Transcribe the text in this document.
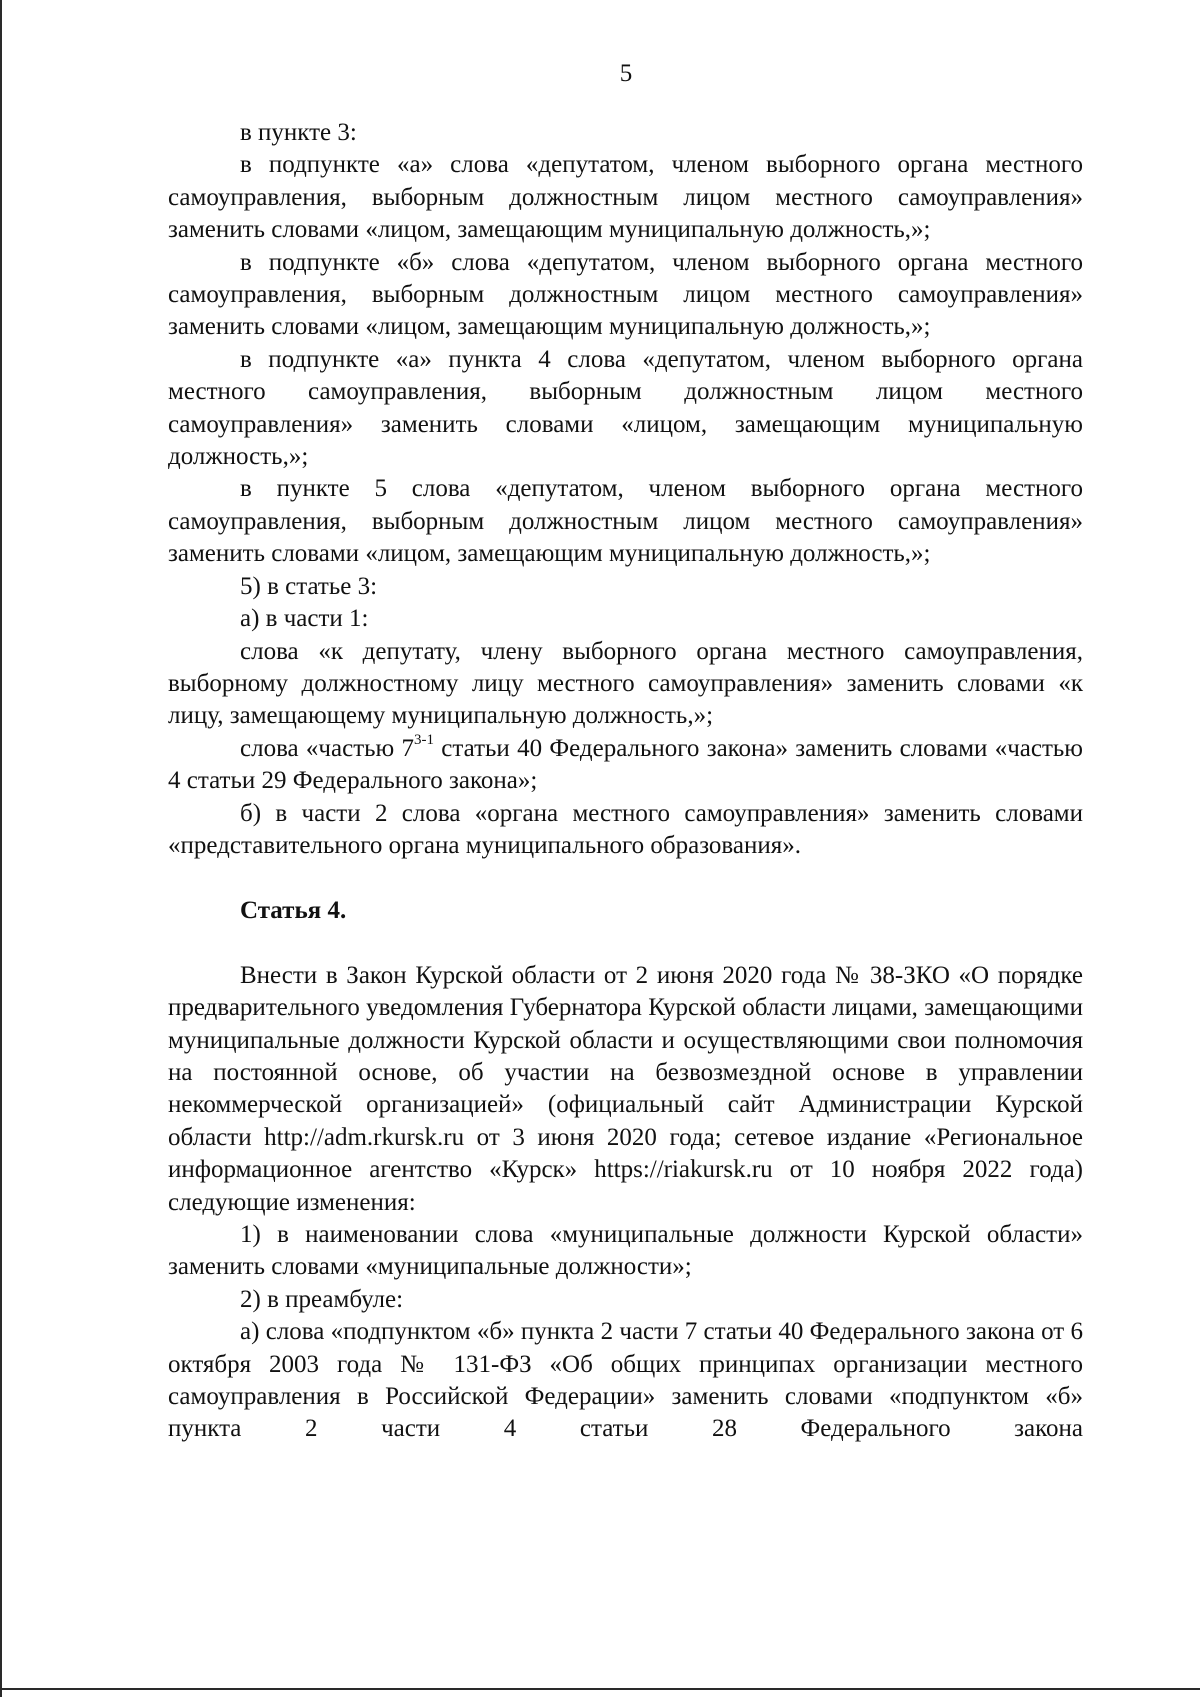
5

в пункте 3:

в подпункте «а» слова «депутатом, членом выборного органа местного самоуправления, выборным должностным лицом местного самоуправления» заменить словами «лицом, замещающим муниципальную должность,»;

в подпункте «б» слова «депутатом, членом выборного органа местного самоуправления, выборным должностным лицом местного самоуправления» заменить словами «лицом, замещающим муниципальную должность,»;

в подпункте «а» пункта 4 слова «депутатом, членом выборного органа местного самоуправления, выборным должностным лицом местного самоуправления» заменить словами «лицом, замещающим муниципальную должность,»;

в пункте 5 слова «депутатом, членом выборного органа местного самоуправления, выборным должностным лицом местного самоуправления» заменить словами «лицом, замещающим муниципальную должность,»;

5) в статье 3:

а) в части 1:

слова «к депутату, члену выборного органа местного самоуправления, выборному должностному лицу местного самоуправления» заменить словами «к лицу, замещающему муниципальную должность,»;

слова «частью 7$^{3-1}$ статьи 40 Федерального закона» заменить словами «частью 4 статьи 29 Федерального закона»;

б) в части 2 слова «органа местного самоуправления» заменить словами «представительного органа муниципального образования».

Статья 4.

Внести в Закон Курской области от 2 июня 2020 года № 38-ЗКО «О порядке предварительного уведомления Губернатора Курской области лицами, замещающими муниципальные должности Курской области и осуществляющими свои полномочия на постоянной основе, об участии на безвозмездной основе в управлении некоммерческой организацией» (официальный сайт Администрации Курской области http://adm.rkursk.ru от 3 июня 2020 года; сетевое издание «Региональное информационное агентство «Курск» https://riakursk.ru от 10 ноября 2022 года) следующие изменения:

1) в наименовании слова «муниципальные должности Курской области» заменить словами «муниципальные должности»;

2) в преамбуле:

а) слова «подпунктом «б» пункта 2 части 7 статьи 40 Федерального закона от 6 октября 2003 года № 131-ФЗ «Об общих принципах организации местного самоуправления в Российской Федерации» заменить словами «подпунктом «б» пункта 2 части 4 статьи 28 Федерального закона
